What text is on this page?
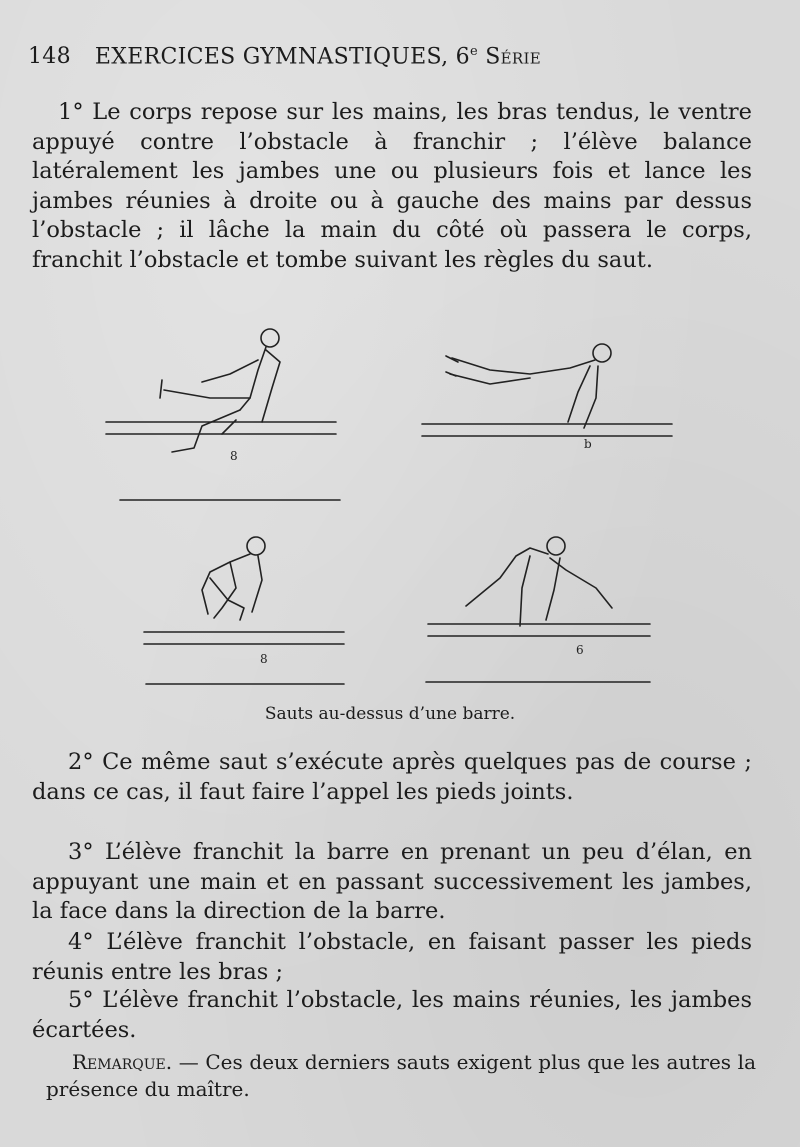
148 EXERCICES GYMNASTIQUES, 6e Série

1° Le corps repose sur les mains, les bras tendus, le ventre appuyé contre l’obstacle à franchir ; l’élève balance latéralement les jambes une ou plusieurs fois et lance les jambes réunies à droite ou à gauche des mains par dessus l’obstacle ; il lâche la main du côté où passera le corps, franchit l’obstacle et tombe suivant les règles du saut.

8
b
8
6
Sauts au-dessus d’une barre.

2° Ce même saut s’exécute après quelques pas de course ; dans ce cas, il faut faire l’appel les pieds joints.

3° L’élève franchit la barre en prenant un peu d’élan, en appuyant une main et en passant successivement les jambes, la face dans la direction de la barre.

4° L’élève franchit l’obstacle, en faisant passer les pieds réunis entre les bras ;

5° L’élève franchit l’obstacle, les mains réunies, les jambes écartées.

Remarque. — Ces deux derniers sauts exigent plus que les autres la présence du maître.
